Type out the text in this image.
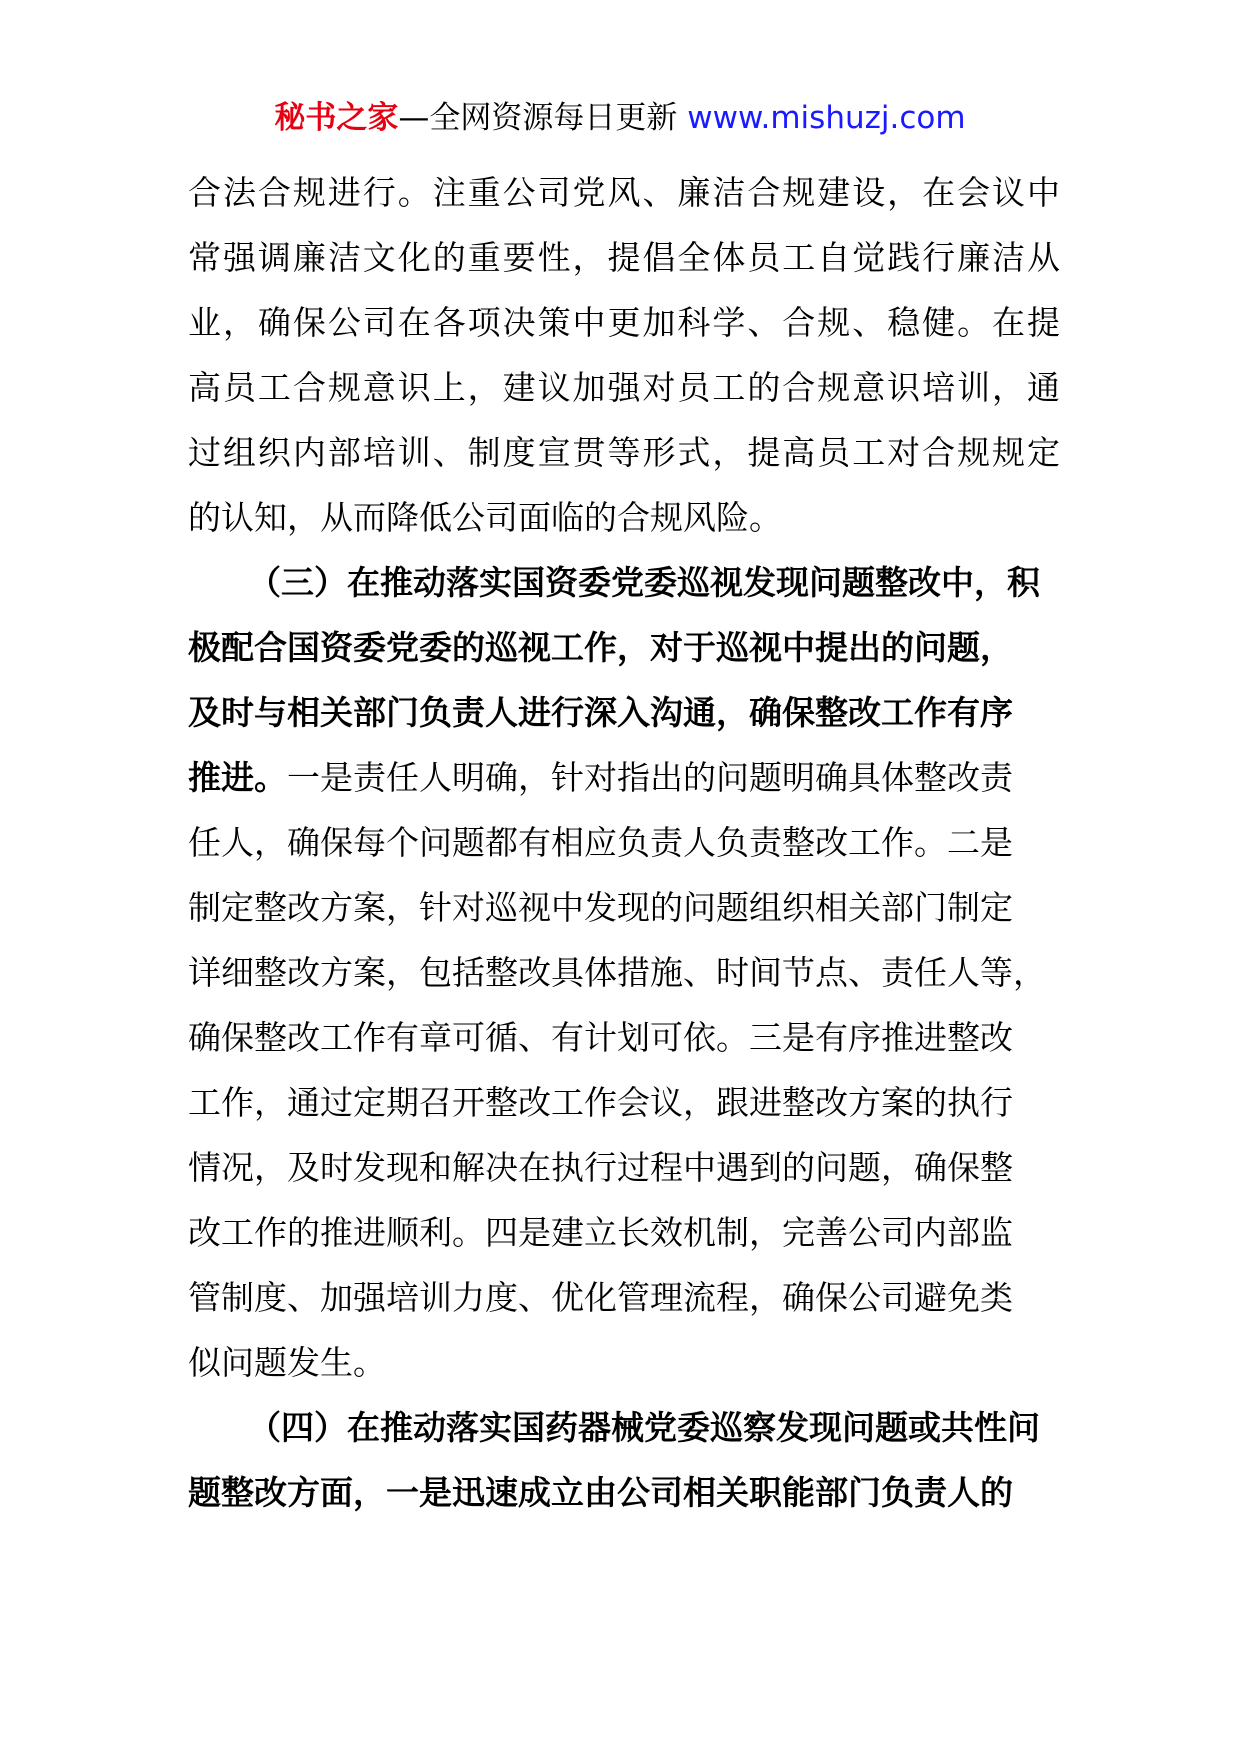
秘书之家—全网资源每日更新 www.mishuzj.com
合法合规进行。注重公司党风、廉洁合规建设，在会议中
常强调廉洁文化的重要性，提倡全体员工自觉践行廉洁从
业，确保公司在各项决策中更加科学、合规、稳健。在提
高员工合规意识上，建议加强对员工的合规意识培训，通
过组织内部培训、制度宣贯等形式，提高员工对合规规定
的认知，从而降低公司面临的合规风险。
（三）在推动落实国资委党委巡视发现问题整改中，积
极配合国资委党委的巡视工作，对于巡视中提出的问题，
及时与相关部门负责人进行深入沟通，确保整改工作有序
推进。一是责任人明确，针对指出的问题明确具体整改责
任人，确保每个问题都有相应负责人负责整改工作。二是
制定整改方案，针对巡视中发现的问题组织相关部门制定
详细整改方案，包括整改具体措施、时间节点、责任人等，
确保整改工作有章可循、有计划可依。三是有序推进整改
工作，通过定期召开整改工作会议，跟进整改方案的执行
情况，及时发现和解决在执行过程中遇到的问题，确保整
改工作的推进顺利。四是建立长效机制，完善公司内部监
管制度、加强培训力度、优化管理流程，确保公司避免类
似问题发生。
（四）在推动落实国药器械党委巡察发现问题或共性问
题整改方面，一是迅速成立由公司相关职能部门负责人的
